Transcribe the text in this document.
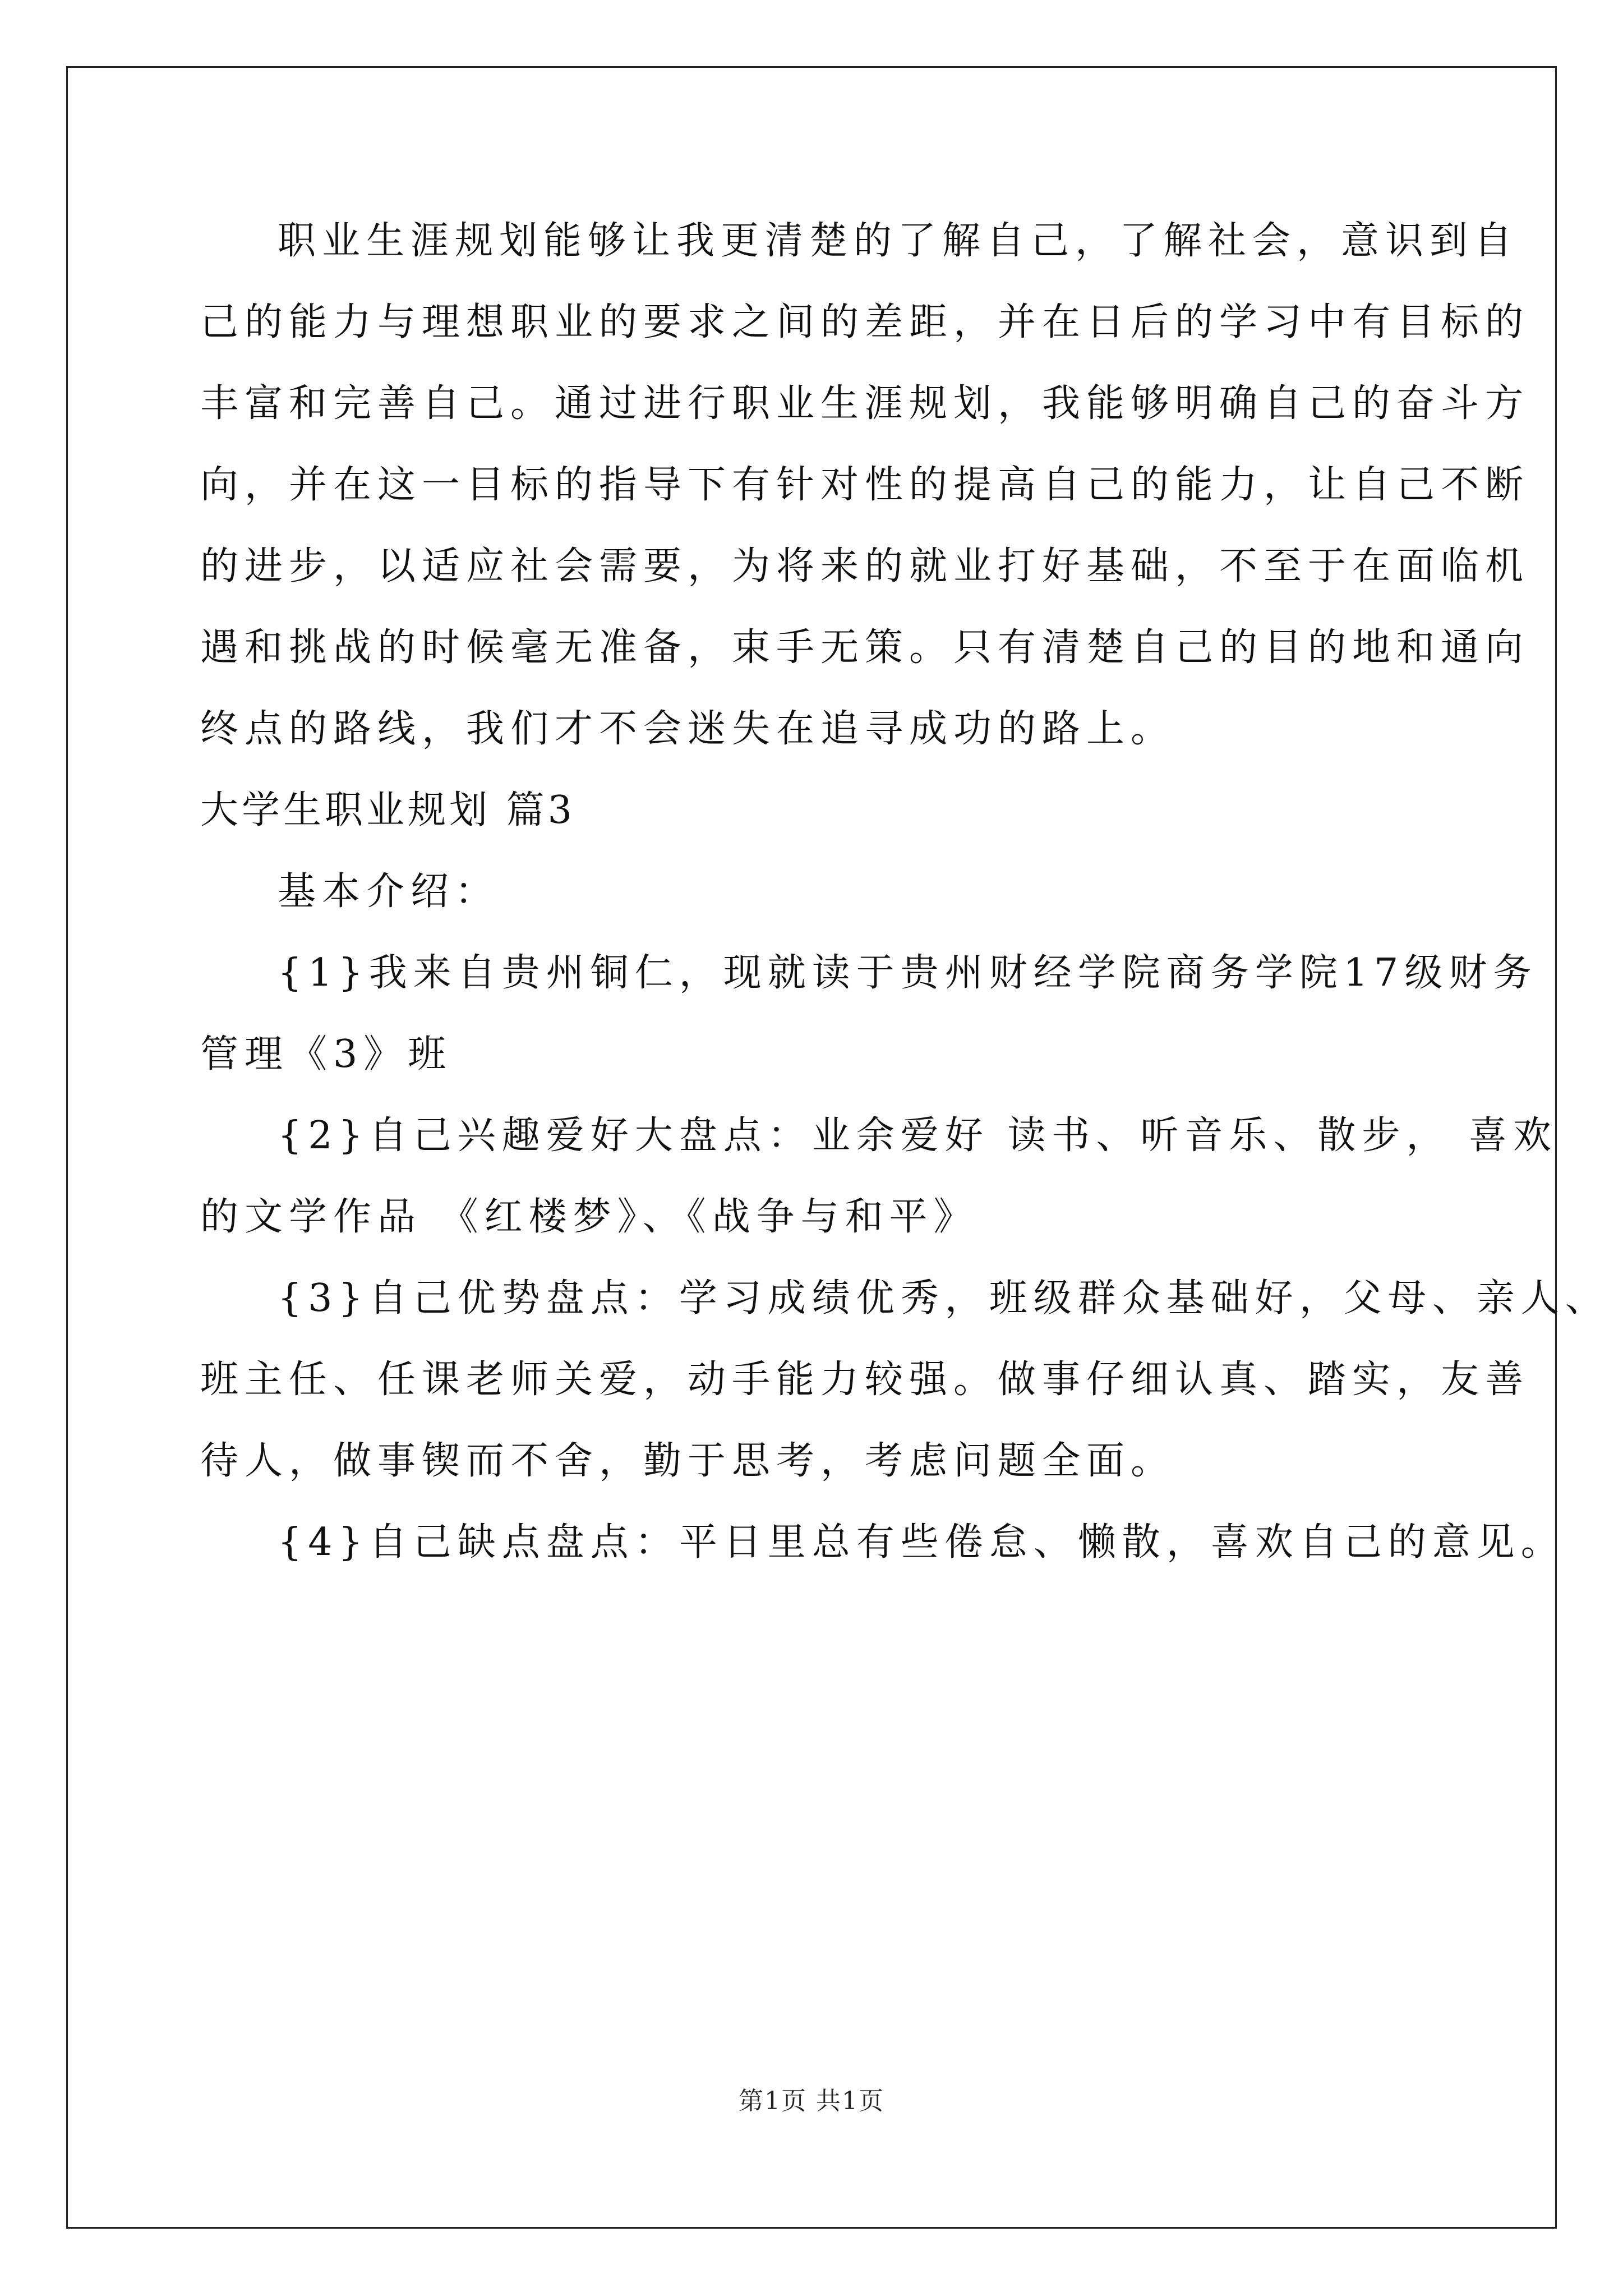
职业生涯规划能够让我更清楚的了解自己，了解社会，意识到自
己的能力与理想职业的要求之间的差距，并在日后的学习中有目标的
丰富和完善自己。通过进行职业生涯规划，我能够明确自己的奋斗方
向，并在这一目标的指导下有针对性的提高自己的能力，让自己不断
的进步，以适应社会需要，为将来的就业打好基础，不至于在面临机
遇和挑战的时候毫无准备，束手无策。只有清楚自己的目的地和通向
终点的路线，我们才不会迷失在追寻成功的路上。
大学生职业规划 篇3
基本介绍：
{1}我来自贵州铜仁，现就读于贵州财经学院商务学院17级财务
管理《3》班
{2}自己兴趣爱好大盘点：业余爱好 读书、听音乐、散步， 喜欢
的文学作品 《红楼梦》、《战争与和平》
{3}自己优势盘点：学习成绩优秀，班级群众基础好，父母、亲人、
班主任、任课老师关爱，动手能力较强。做事仔细认真、踏实，友善
待人，做事锲而不舍，勤于思考，考虑问题全面。
{4}自己缺点盘点：平日里总有些倦怠、懒散，喜欢自己的意见。
第1页 共1页
